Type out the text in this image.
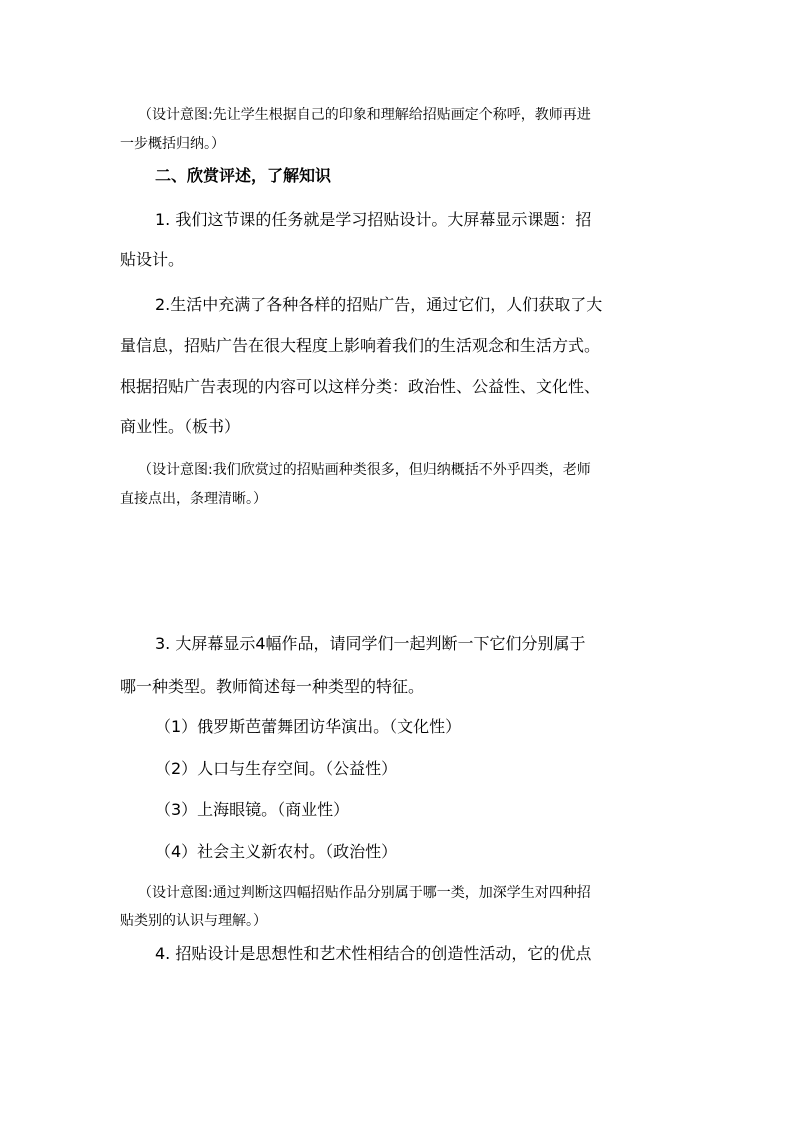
（设计意图:先让学生根据自己的印象和理解给招贴画定个称呼，教师再进
一步概括归纳。）
二、欣赏评述，了解知识
1. 我们这节课的任务就是学习招贴设计。大屏幕显示课题：招
贴设计。
2.生活中充满了各种各样的招贴广告，通过它们，人们获取了大
量信息，招贴广告在很大程度上影响着我们的生活观念和生活方式。
根据招贴广告表现的内容可以这样分类：政治性、公益性、文化性、
商业性。（板书）
（设计意图:我们欣赏过的招贴画种类很多，但归纳概括不外乎四类，老师
直接点出，条理清晰。）
3. 大屏幕显示4幅作品，请同学们一起判断一下它们分别属于
哪一种类型。教师简述每一种类型的特征。
（1）俄罗斯芭蕾舞团访华演出。（文化性）
（2）人口与生存空间。（公益性）
（3）上海眼镜。（商业性）
（4）社会主义新农村。（政治性）
（设计意图:通过判断这四幅招贴作品分别属于哪一类，加深学生对四种招
贴类别的认识与理解。）
4. 招贴设计是思想性和艺术性相结合的创造性活动，它的优点
